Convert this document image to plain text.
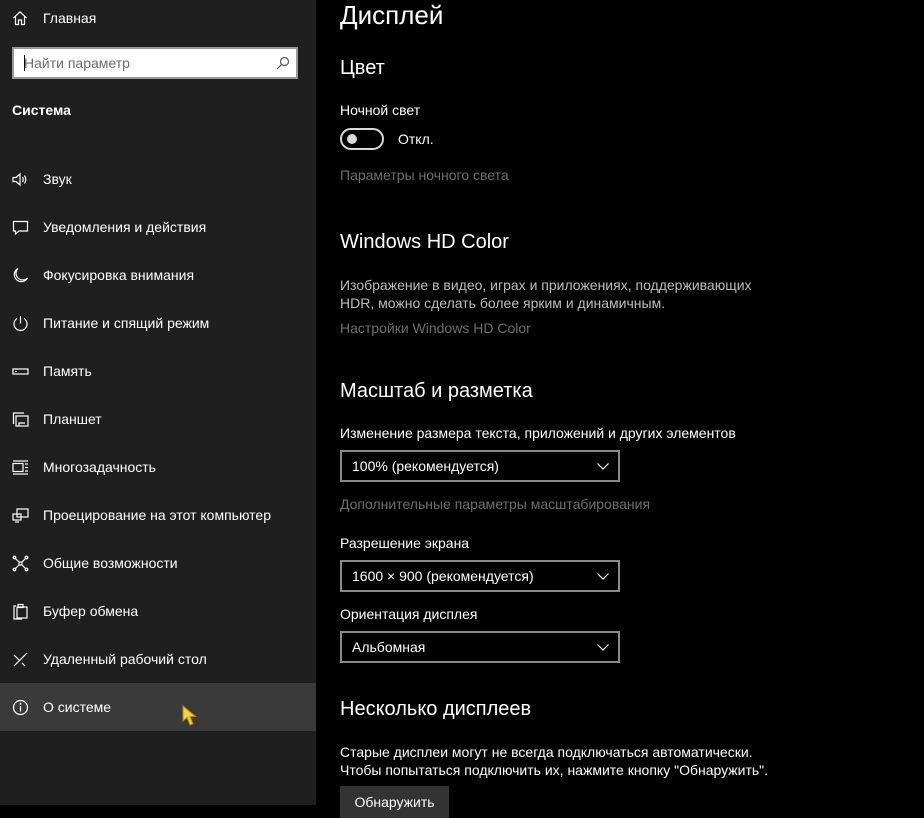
Главная
Найти параметр
Система
Звук
Уведомления и действия
Фокусировка внимания
Питание и спящий режим
Память
Планшет
Многозадачность
Проецирование на этот компьютер
Общие возможности
Буфер обмена
Удаленный рабочий стол
О системе
Дисплей
Цвет
Ночной свет
Откл.
Параметры ночного света
Windows HD Color
Изображение в видео, играх и приложениях, поддерживающих
HDR, можно сделать более ярким и динамичным.
Настройки Windows HD Color
Масштаб и разметка
Изменение размера текста, приложений и других элементов
100% (рекомендуется)
Дополнительные параметры масштабирования
Разрешение экрана
1600 × 900 (рекомендуется)
Ориентация дисплея
Альбомная
Несколько дисплеев
Старые дисплеи могут не всегда подключаться автоматически.
Чтобы попытаться подключить их, нажмите кнопку "Обнаружить".
Обнаружить
